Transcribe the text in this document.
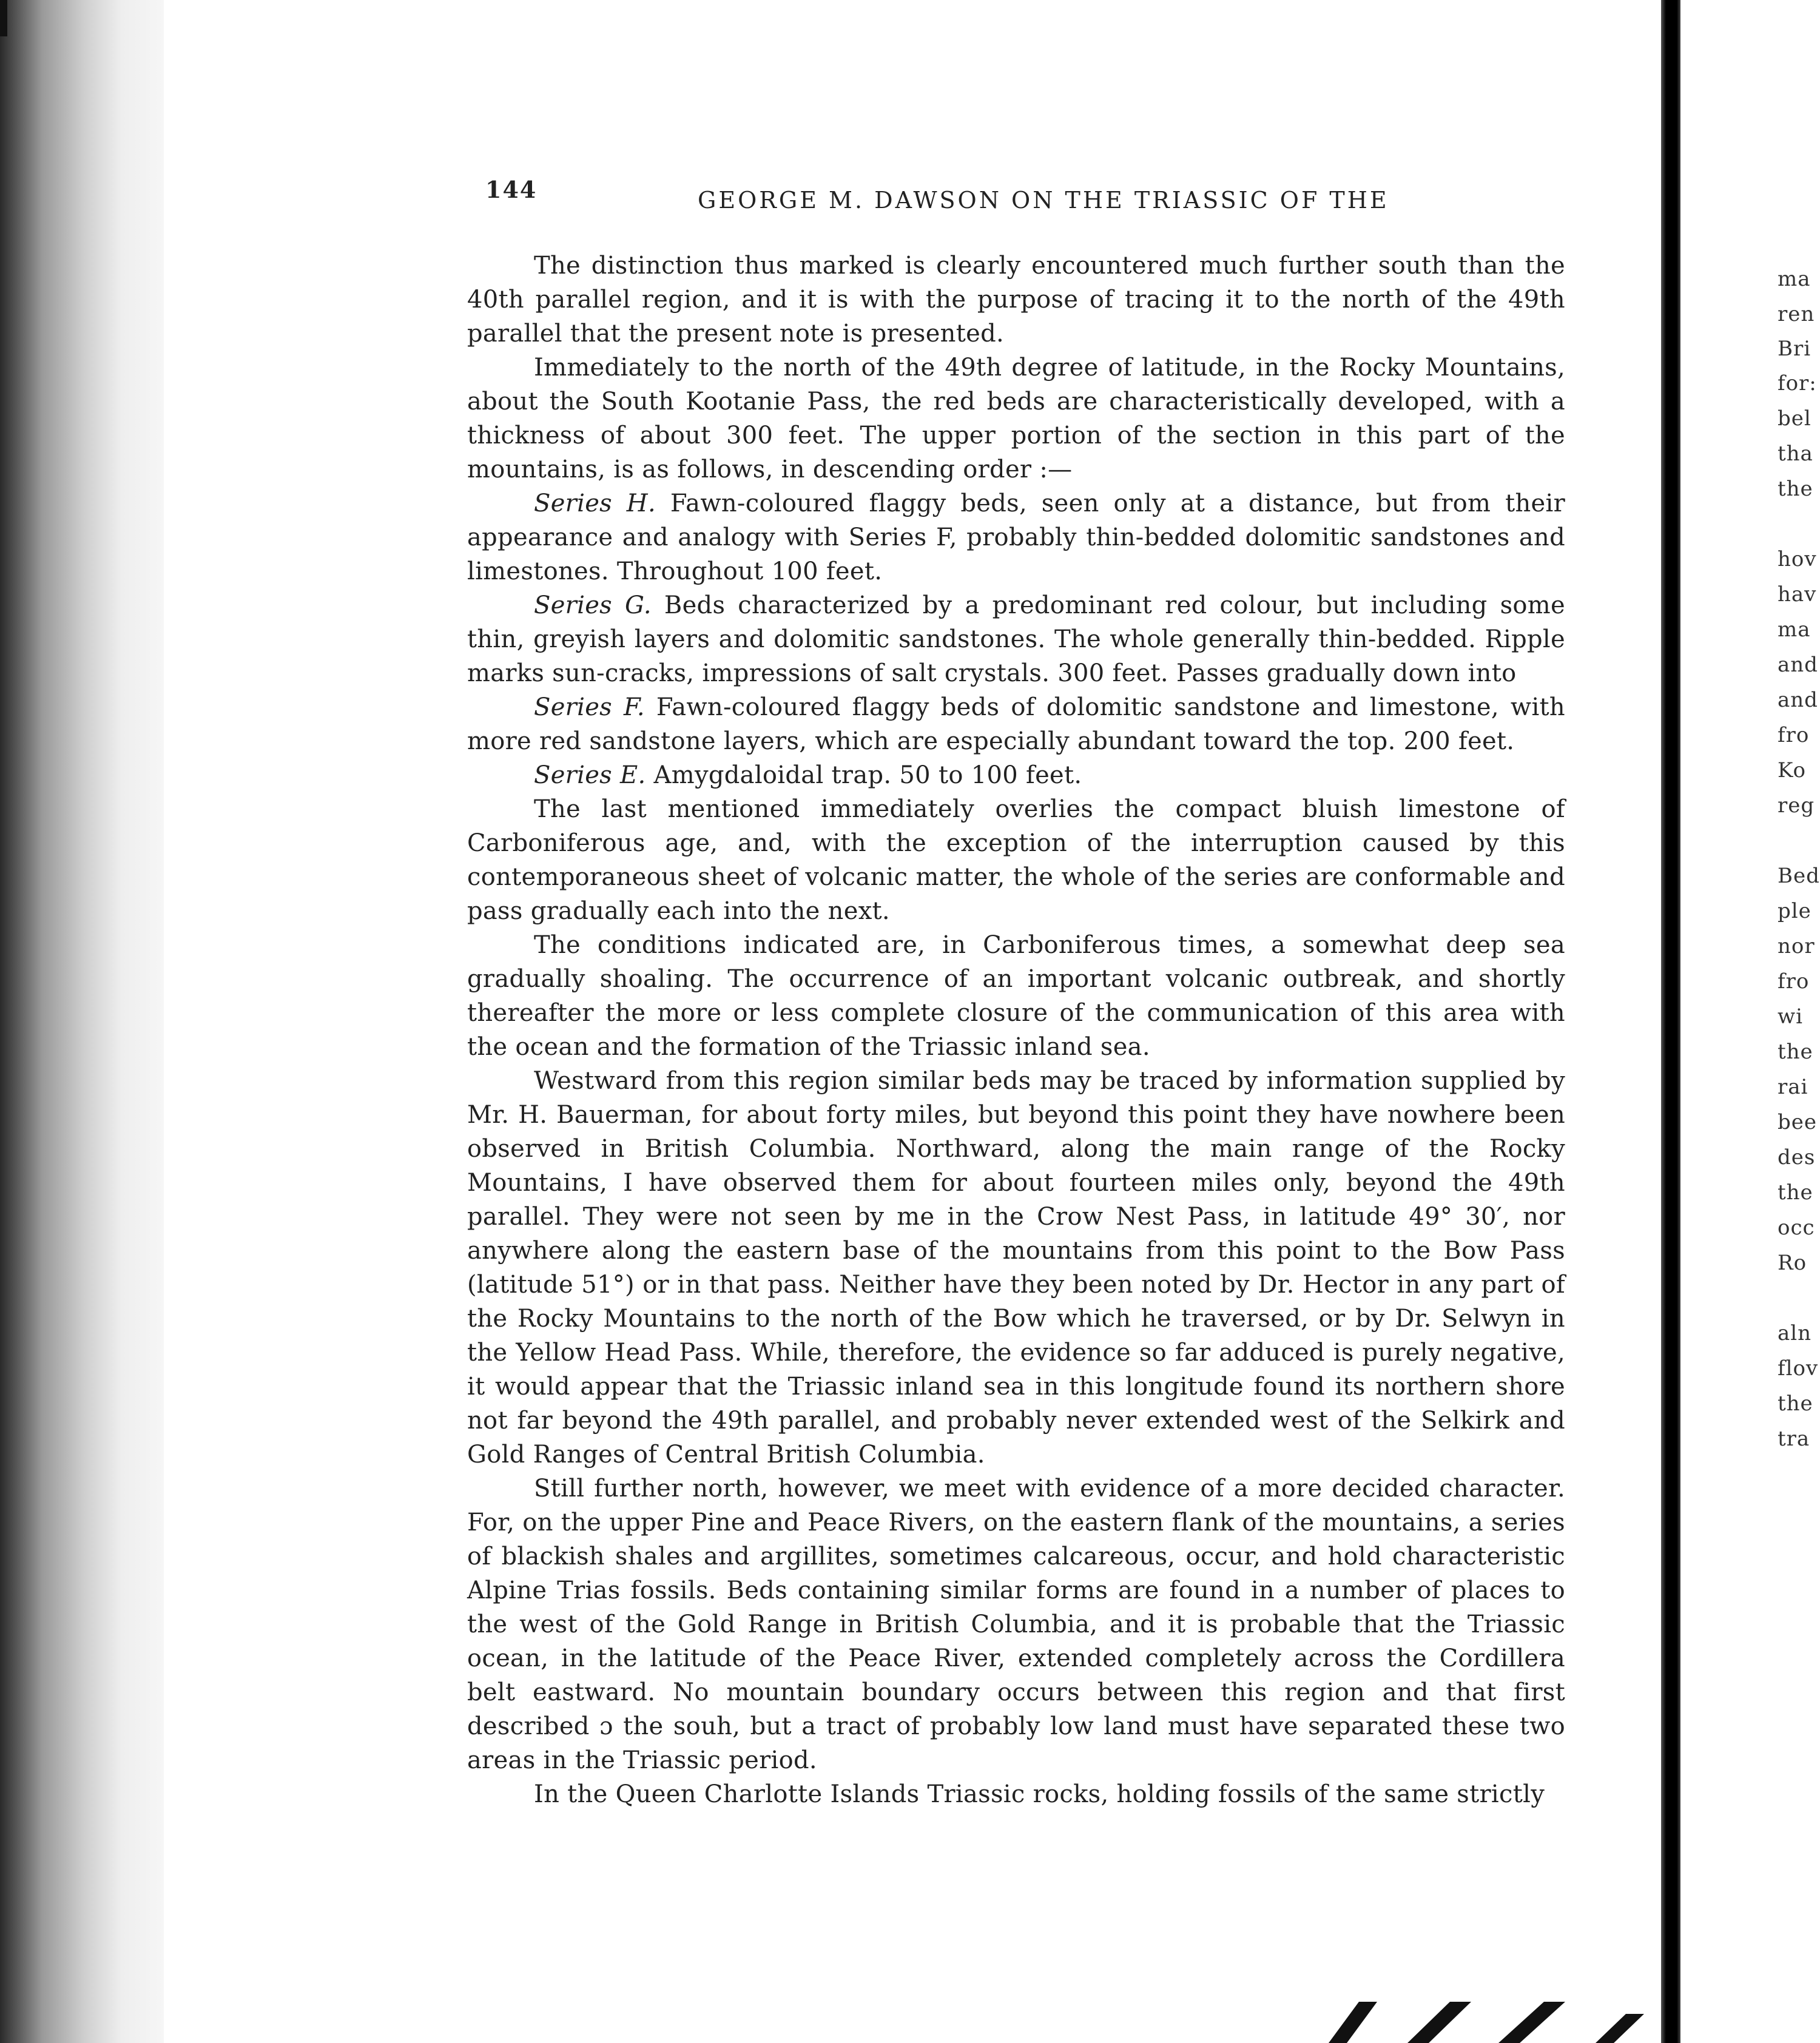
144	GEORGE M. DAWSON ON THE TRIASSIC OF THE

The distinction thus marked is clearly encountered much further south than the 40th parallel region, and it is with the purpose of tracing it to the north of the 49th parallel that the present note is presented.

Immediately to the north of the 49th degree of latitude, in the Rocky Mountains, about the South Kootanie Pass, the red beds are characteristically developed, with a thickness of about 300 feet. The upper portion of the section in this part of the mountains, is as follows, in descending order :—

Series H. Fawn-coloured flaggy beds, seen only at a distance, but from their appearance and analogy with Series F, probably thin-bedded dolomitic sandstones and limestones. Throughout 100 feet.

Series G. Beds characterized by a predominant red colour, but including some thin, greyish layers and dolomitic sandstones. The whole generally thin-bedded. Ripple marks sun-cracks, impressions of salt crystals. 300 feet. Passes gradually down into

Series F. Fawn-coloured flaggy beds of dolomitic sandstone and limestone, with more red sandstone layers, which are especially abundant toward the top. 200 feet.

Series E. Amygdaloidal trap. 50 to 100 feet.

The last mentioned immediately overlies the compact bluish limestone of Carboniferous age, and, with the exception of the interruption caused by this contemporaneous sheet of volcanic matter, the whole of the series are conformable and pass gradually each into the next.

The conditions indicated are, in Carboniferous times, a somewhat deep sea gradually shoaling. The occurrence of an important volcanic outbreak, and shortly thereafter the more or less complete closure of the communication of this area with the ocean and the formation of the Triassic inland sea.

Westward from this region similar beds may be traced by information supplied by Mr. H. Bauerman, for about forty miles, but beyond this point they have nowhere been observed in British Columbia. Northward, along the main range of the Rocky Mountains, I have observed them for about fourteen miles only, beyond the 49th parallel. They were not seen by me in the Crow Nest Pass, in latitude 49° 30′, nor anywhere along the eastern base of the mountains from this point to the Bow Pass (latitude 51°) or in that pass. Neither have they been noted by Dr. Hector in any part of the Rocky Mountains to the north of the Bow which he traversed, or by Dr. Selwyn in the Yellow Head Pass. While, therefore, the evidence so far adduced is purely negative, it would appear that the Triassic inland sea in this longitude found its northern shore not far beyond the 49th parallel, and probably never extended west of the Selkirk and Gold Ranges of Central British Columbia.

Still further north, however, we meet with evidence of a more decided character. For, on the upper Pine and Peace Rivers, on the eastern flank of the mountains, a series of blackish shales and argillites, sometimes calcareous, occur, and hold characteristic Alpine Trias fossils. Beds containing similar forms are found in a number of places to the west of the Gold Range in British Columbia, and it is probable that the Triassic ocean, in the latitude of the Peace River, extended completely across the Cordillera belt eastward. No mountain boundary occurs between this region and that first described ɔ the souh, but a tract of probably low land must have separated these two areas in the Triassic period.

In the Queen Charlotte Islands Triassic rocks, holding fossils of the same strictly

ma
ren
Bri
for:
bel
tha
the
hov
hav
ma
and
and
fro
Ko
reg
Bed
ple
nor
fro
wi
the
rai
bee
des
the
occ
Ro
aln
flov
the
tra
